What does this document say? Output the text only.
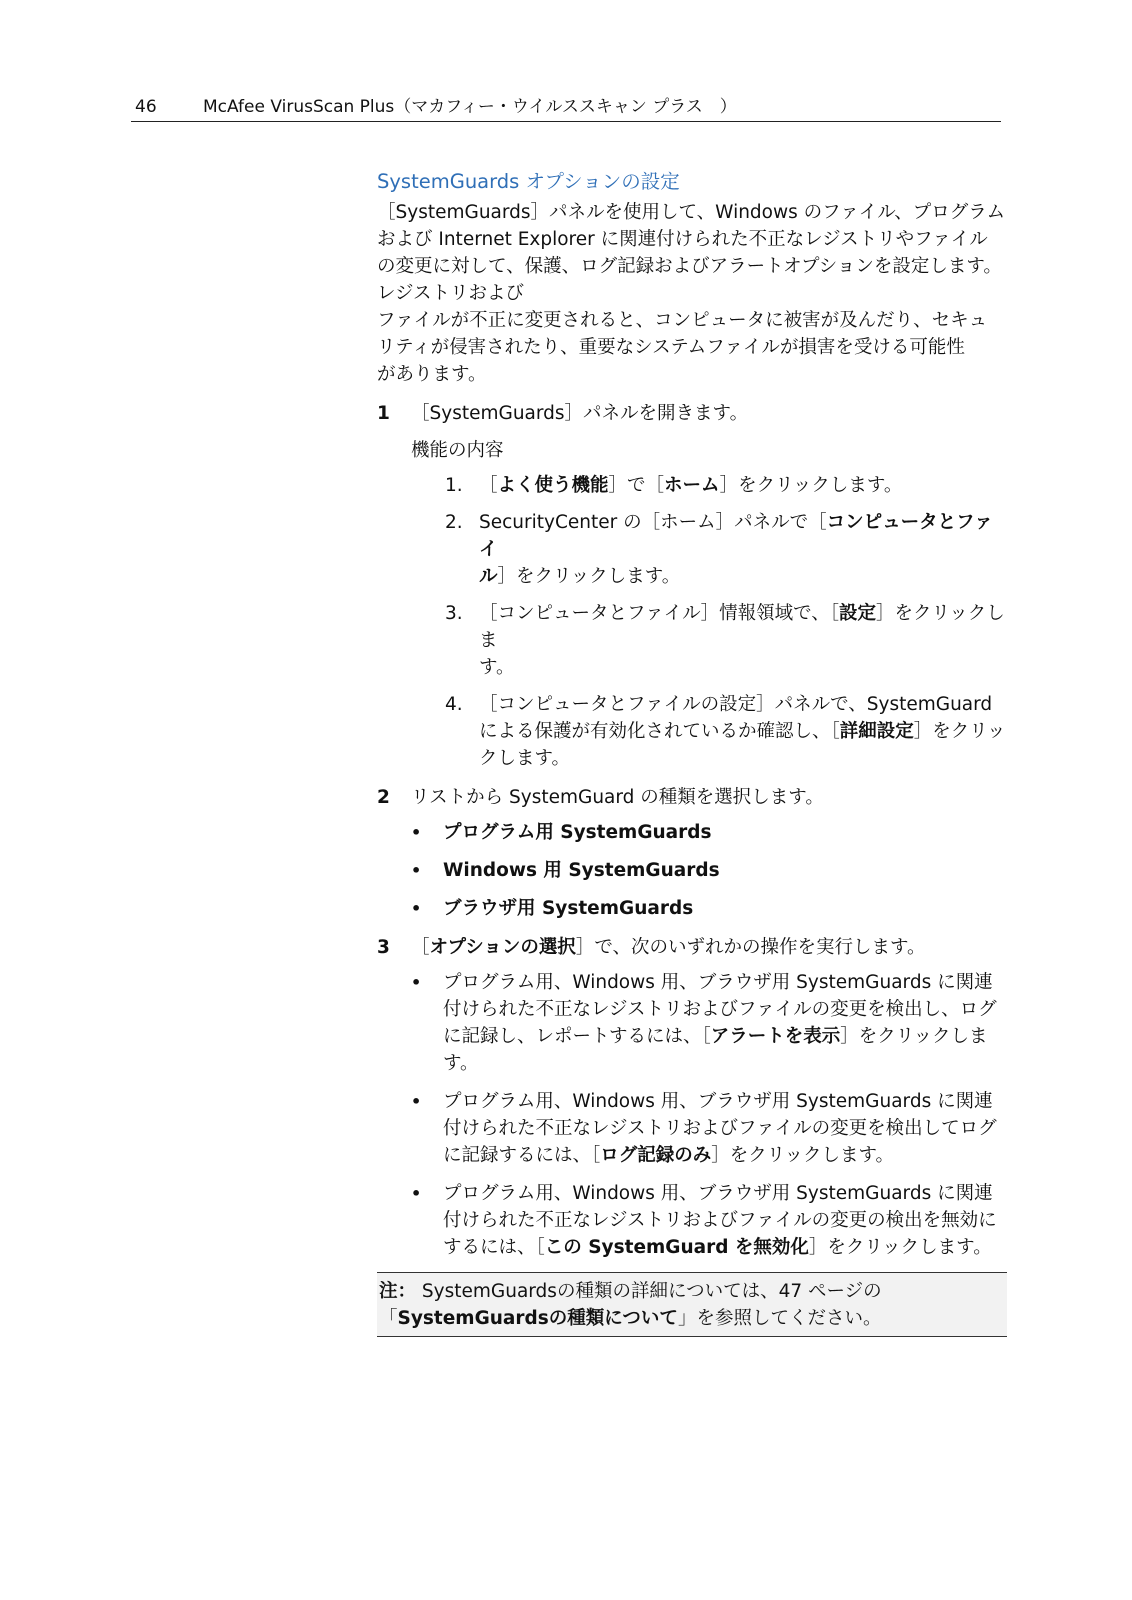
46	McAfee VirusScan Plus（マカフィー・ウイルススキャン プラス　）
SystemGuards オプションの設定

［SystemGuards］パネルを使用して、Windows のファイル、プログラム

および Internet Explorer に関連付けられた不正なレジストリやファイル

の変更に対して、保護、ログ記録およびアラートオプションを設定します。

レジストリおよび

ファイルが不正に変更されると、コンピュータに被害が及んだり、セキュ

リティが侵害されたり、重要なシステムファイルが損害を受ける可能性

があります。

1 ［SystemGuards］パネルを開きます。
機能の内容
1. ［よく使う機能］で［ホーム］をクリックします。
2. SecurityCenter の［ホーム］パネルで［コンピュータとファイ
ル］をクリックします。
3. ［コンピュータとファイル］情報領域で、［設定］をクリックしま
す。
4. ［コンピュータとファイルの設定］パネルで、SystemGuard による保護が有効化されているか確認し、［詳細設定］をクリックします。
2 リストから SystemGuard の種類を選択します。
• プログラム用 SystemGuards
• Windows 用 SystemGuards
• ブラウザ用 SystemGuards
3 ［オプションの選択］で、次のいずれかの操作を実行します。
• プログラム用、Windows 用、ブラウザ用 SystemGuards に関連付けられた不正なレジストリおよびファイルの変更を検出し、ログに記録し、レポートするには、［アラートを表示］をクリックします。
• プログラム用、Windows 用、ブラウザ用 SystemGuards に関連付けられた不正なレジストリおよびファイルの変更を検出してログに記録するには、［ログ記録のみ］をクリックします。
• プログラム用、Windows 用、ブラウザ用 SystemGuards に関連付けられた不正なレジストリおよびファイルの変更の検出を無効にするには、［この SystemGuard を無効化］をクリックします。
注： SystemGuardsの種類の詳細については、47 ページの
「SystemGuardsの種類について」を参照してください。
